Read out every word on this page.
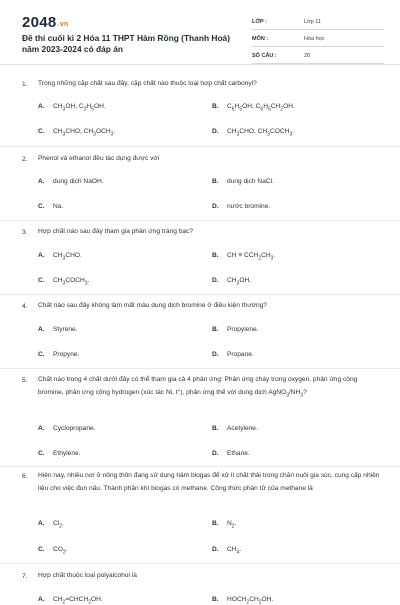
2048.vn
Đề thi cuối kì 2 Hóa 11 THPT Hàm Rồng (Thanh Hoá) năm 2023-2024 có đáp án
LỚP :	Lớp 11
MÔN :	Hóa học
SỐ CÂU :	28
1. Trong những cặp chất sau đây, cặp chất nào thuộc loại hợp chất carbonyl?
A. $CH_3OH$, $C_2H_5OH$.	B. $C_6H_5OH$, $C_6H_5CH_2OH$.
C. $CH_3CHO$, $CH_3OCH_3$.	D. $CH_3CHO$, $CH_3COCH_3$.
2. Phenol và ethanol đều tác dụng được với
A. dung dịch NaOH.	B. dung dịch NaCl.
C. Na.	D. nước bromine.
3. Hợp chất nào sau đây tham gia phản ứng tráng bạc?
A. $CH_3CHO$.	B. CH ≡ $CCH_2CH_3$.
C. $CH_3COCH_3$.	D. $CH_3OH$.
4. Chất nào sau đây không làm mất màu dung dịch bromine ở điều kiện thường?
A. Styrene.	B. Propylene.
C. Propyne.	D. Propane.
5. Chất nào trong 4 chất dưới đây có thể tham gia cả 4 phản ứng: Phản ứng cháy trong oxygen, phản ứng cộng bromine, phản ứng cộng hydrogen (xúc tác Ni, t°), phản ứng thế với dung dịch $AgNO_3/NH_3$?
A. Cyclopropane.	B. Acetylene.
C. Ethylene.	D. Ethane.
6. Hiện nay, nhiều nơi ở nông thôn đang sử dụng hầm biogas để xử lí chất thải trong chăn nuôi gia súc, cung cấp nhiên liệu cho việc đun nấu. Thành phần khí biogas có methane. Công thức phân tử của methane là
A. $Cl_2$.	B. $N_2$.
C. $CO_2$.	D. $CH_4$.
7. Hợp chất thuộc loại polyalcohol là
A. $CH_2=CHCH_2OH$.	B. $HOCH_2CH_2OH$.
